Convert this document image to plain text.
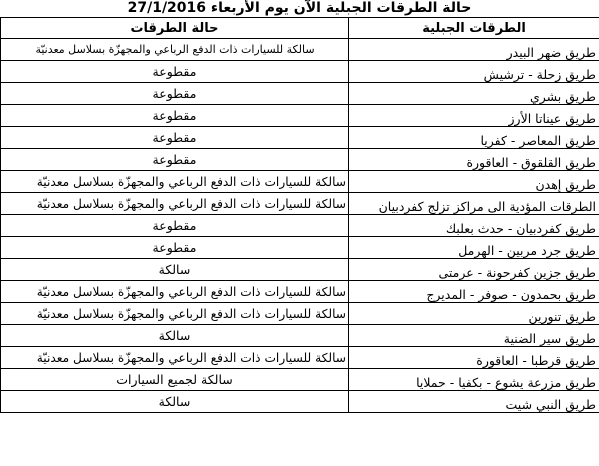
حالة الطرقات الجبلية الآن يوم الأربعاء 27/1/2016
الطرقات الجبلية	حالة الطرقات
طريق ضهر البيدر	سالكة للسيارات ذات الدفع الرباعي والمجهزّة بسلاسل معدنيّة
طريق زحلة - ترشيش	مقطوعة
طريق بشري	مقطوعة
طريق عيناتا الأرز	مقطوعة
طريق المعاصر - كفريا	مقطوعة
طريق القلقوق - العاقورة	مقطوعة
طريق إهدن	سالكة للسيارات ذات الدفع الرباعي والمجهزّة بسلاسل معدنيّة
الطرقات المؤدية الى مراكز تزلج كفردبيان	سالكة للسيارات ذات الدفع الرباعي والمجهزّة بسلاسل معدنيّة
طريق كفردبيان - حدث بعلبك	مقطوعة
طريق جرد مربين - الهرمل	مقطوعة
طريق جزين كفرحونة - عرمتى	سالكة
طريق بحمدون - صوفر - المديرج	سالكة للسيارات ذات الدفع الرباعي والمجهزّة بسلاسل معدنيّة
طريق تنورين	سالكة للسيارات ذات الدفع الرباعي والمجهزّة بسلاسل معدنيّة
طريق سير الضنية	سالكة
طريق قرطبا - العاقورة	سالكة للسيارات ذات الدفع الرباعي والمجهزّة بسلاسل معدنيّة
طريق مزرعة يشوع - بكفيا - حملايا	سالكة لجميع السيارات
طريق النبي شيت	سالكة
